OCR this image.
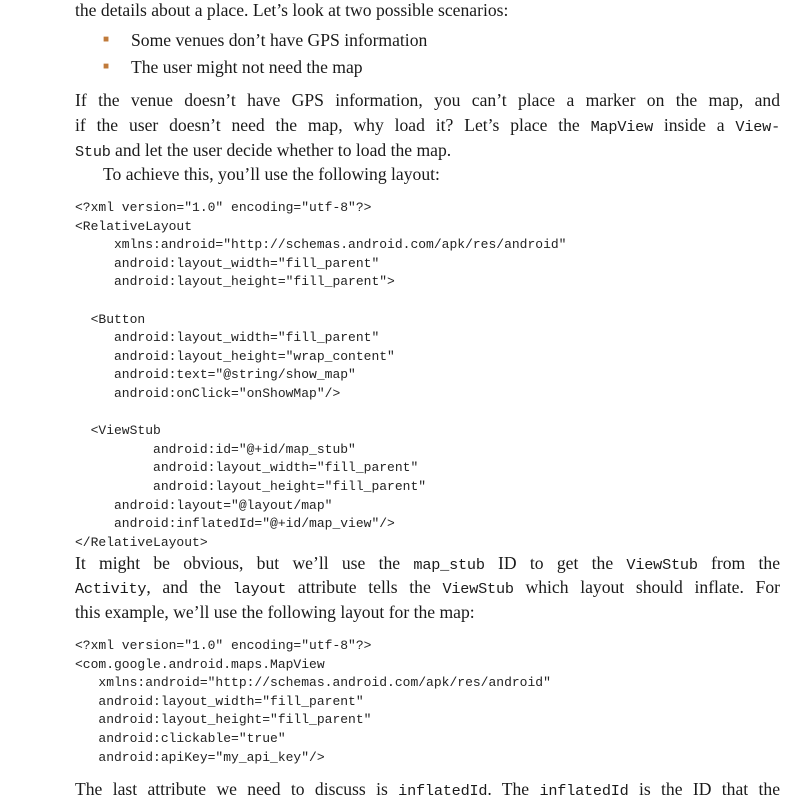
the details about a place. Let’s look at two possible scenarios:

■	Some venues don’t have GPS information

■	The user might not need the map

If the venue doesn’t have GPS information, you can’t place a marker on the map, and

if the user doesn’t need the map, why load it? Let’s place the MapView inside a View-

Stub and let the user decide whether to load the map.

To achieve this, you’ll use the following layout:

<?xml version="1.0" encoding="utf-8"?>
<RelativeLayout
xmlns:android="http://schemas.android.com/apk/res/android"
android:layout_width="fill_parent"
android:layout_height="fill_parent">

<Button
android:layout_width="fill_parent"
android:layout_height="wrap_content"
android:text="@string/show_map"
android:onClick="onShowMap"/>

<ViewStub
android:id="@+id/map_stub"
android:layout_width="fill_parent"
android:layout_height="fill_parent"
android:layout="@layout/map"
android:inflatedId="@+id/map_view"/>
</RelativeLayout>

It might be obvious, but we’ll use the map_stub ID to get the ViewStub from the

Activity, and the layout attribute tells the ViewStub which layout should inflate. For

this example, we’ll use the following layout for the map:

<?xml version="1.0" encoding="utf-8"?>
<com.google.android.maps.MapView
xmlns:android="http://schemas.android.com/apk/res/android"
android:layout_width="fill_parent"
android:layout_height="fill_parent"
android:clickable="true"
android:apiKey="my_api_key"/>

The last attribute we need to discuss is inflatedId. The inflatedId is the ID that the
